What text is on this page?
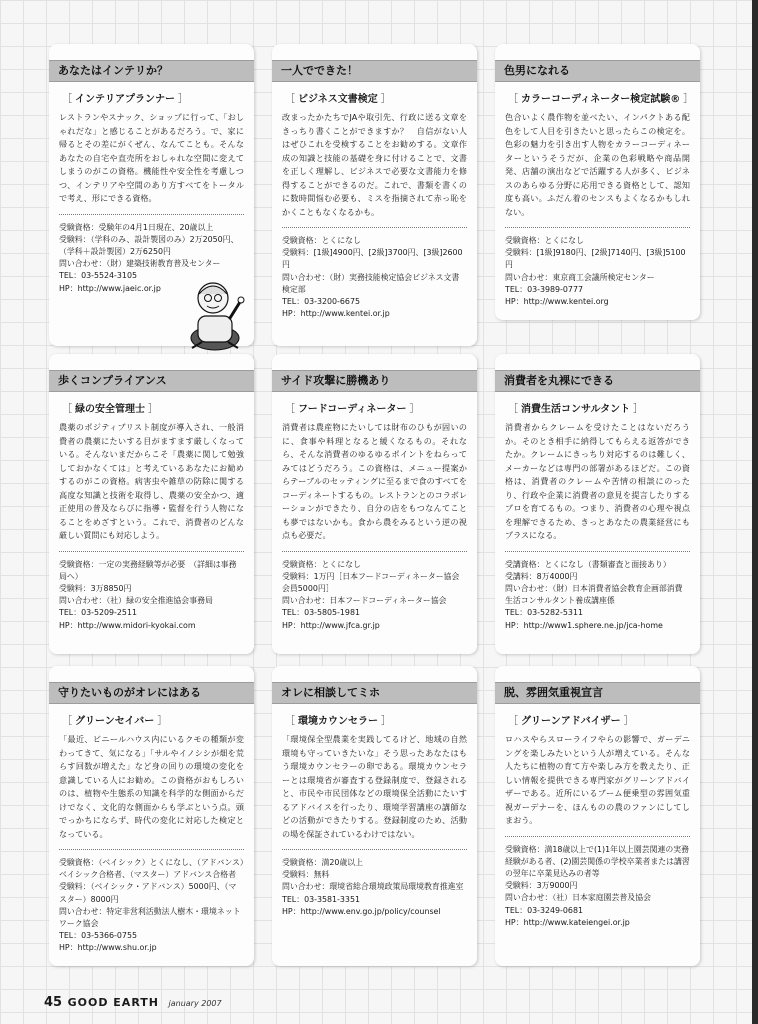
あなたはインテリか？

［ インテリアプランナー ］

レストランやスナック、ショップに行って、「おしゃれだな」と感じることがあるだろう。で、家に帰るとその差にがくぜん、なんてことも。そんなあなたの自宅や直売所をおしゃれな空間に変えてしまうのがこの資格。機能性や安全性を考慮しつつ、インテリアや空間のあり方すべてをトータルで考え、形にできる資格。

受験資格：受験年の4月1日現在、20歳以上
受験料：（学科のみ、設計製図のみ）2万2050円、（学科＋設計製図）2万6250円
問い合わせ：（財）建築技術教育普及センター
TEL：03-5524-3105
HP：http://www.jaeic.or.jp

一人でできた！

［ ビジネス文書検定 ］

改まったかたちでJAや取引先、行政に送る文章をきっちり書くことができますか？　自信がない人はぜひこれを受検することをお勧めする。文章作成の知識と技能の基礎を身に付けることで、文書を正しく理解し、ビジネスで必要な文書能力を修得することができるのだ。これで、書類を書くのに数時間悩む必要も、ミスを指摘されて赤っ恥をかくこともなくなるかも。

受験資格：とくになし
受験料：[1級]4900円、[2級]3700円、[3級]2600円
問い合わせ：（財）実務技能検定協会ビジネス文書検定部
TEL：03-3200-6675
HP：http://www.kentei.or.jp

色男になれる

［ カラーコーディネーター検定試験® ］

色合いよく農作物を並べたい、インパクトある配色をして人目を引きたいと思ったらこの検定を。色彩の魅力を引き出す人物をカラーコーディネーターというそうだが、企業の色彩戦略や商品開発、店舗の演出などで活躍する人が多く、ビジネスのあらゆる分野に応用できる資格として、認知度も高い。ふだん着のセンスもよくなるかもしれない。

受験資格：とくになし
受験料：[1級]9180円、[2級]7140円、[3級]5100円
問い合わせ：東京商工会議所検定センター
TEL：03-3989-0777
HP：http://www.kentei.org

歩くコンプライアンス

［ 緑の安全管理士 ］

農薬のポジティブリスト制度が導入され、一般消費者の農薬にたいする目がますます厳しくなっている。そんないまだからこそ「農薬に関して勉強しておかなくては」と考えているあなたにお勧めするのがこの資格。病害虫や雑草の防除に関する高度な知識と技術を取得し、農薬の安全かつ、適正使用の普及ならびに指導・監督を行う人物になることをめざすという。これで、消費者のどんな厳しい質問にも対応しよう。

受験資格：一定の実務経験等が必要　（詳細は事務局へ）
受験料：3万8850円
問い合わせ：（社）緑の安全推進協会事務局
TEL：03-5209-2511
HP：http://www.midori-kyokai.com

サイド攻撃に勝機あり

［ フードコーディネーター ］

消費者は農産物にたいしては財布のひもが固いのに、食事や料理となると緩くなるもの。それなら、そんな消費者のゆるゆるポイントをねらってみてはどうだろう。この資格は、メニュー提案からテーブルのセッティングに至るまで食のすべてをコーディネートするもの。レストランとのコラボレーションができたり、自分の店をもつなんてことも夢ではないかも。食から農をみるという逆の視点も必要だ。

受験資格：とくになし
受験料：1万円［日本フードコーディネーター協会会員5000円］
問い合わせ：日本フードコーディネーター協会
TEL：03-5805-1981
HP：http://www.jfca.gr.jp

消費者を丸裸にできる

［ 消費生活コンサルタント ］

消費者からクレームを受けたことはないだろうか。そのとき相手に納得してもらえる返答ができたか。クレームにきっちり対応するのは難しく、メーカーなどは専門の部署があるほどだ。この資格は、消費者のクレームや苦情の相談にのったり、行政や企業に消費者の意見を提言したりするプロを育てるもの。つまり、消費者の心理や視点を理解できるため、きっとあなたの農業経営にもプラスになる。

受講資格：とくになし（書類審査と面接あり）
受講料：8万4000円
問い合わせ：（財）日本消費者協会教育企画部消費生活コンサルタント養成講座係
TEL：03-5282-5311
HP：http://www1.sphere.ne.jp/jca-home

守りたいものがオレにはある

［ グリーンセイバー ］

「最近、ビニールハウス内にいるクモの種類が変わってきて、気になる」「サルやイノシシが畑を荒らす回数が増えた」など身の回りの環境の変化を意識している人にお勧め。この資格がおもしろいのは、植物や生態系の知識を科学的な側面からだけでなく、文化的な側面からも学ぶという点。頭でっかちにならず、時代の変化に対応した検定となっている。

受験資格：（ベイシック）とくになし、（アドバンス）ベイシック合格者、（マスター）アドバンス合格者
受験料：（ベイシック・アドバンス）5000円、（マスター）8000円
問い合わせ：特定非営利活動法人樹木・環境ネットワーク協会
TEL：03-5366-0755
HP：http://www.shu.or.jp

オレに相談してミホ

［ 環境カウンセラー ］

「環境保全型農業を実践してるけど、地域の自然環境も守っていきたいな」そう思ったあなたはもう環境カウンセラーの卵である。環境カウンセラーとは環境省が審査する登録制度で、登録されると、市民や市民団体などの環境保全活動にたいするアドバイスを行ったり、環境学習講座の講師などの活動ができたりする。登録制度のため、活動の場を保証されているわけではない。

受験資格：満20歳以上
受験料：無料
問い合わせ：環境省総合環境政策局環境教育推進室
TEL：03-3581-3351
HP：http://www.env.go.jp/policy/counsel

脱、雰囲気重視宣言

［ グリーンアドバイザー ］

ロハスやらスローライフやらの影響で、ガーデニングを楽しみたいという人が増えている。そんな人たちに植物の育て方や楽しみ方を教えたり、正しい情報を提供できる専門家がグリーンアドバイザーである。近所にいるブーム便乗型の雰囲気重視ガーデナーを、ほんものの農のファンにしてしまおう。

受験資格：満18歳以上で(1)1年以上園芸関連の実務経験がある者、(2)園芸関係の学校卒業者または講習の翌年に卒業見込みの者等
受験料：3万9000円
問い合わせ：（社）日本家庭園芸普及協会
TEL：03-3249-0681
HP：http://www.kateiengei.or.jp

45 GOOD EARTH january 2007
